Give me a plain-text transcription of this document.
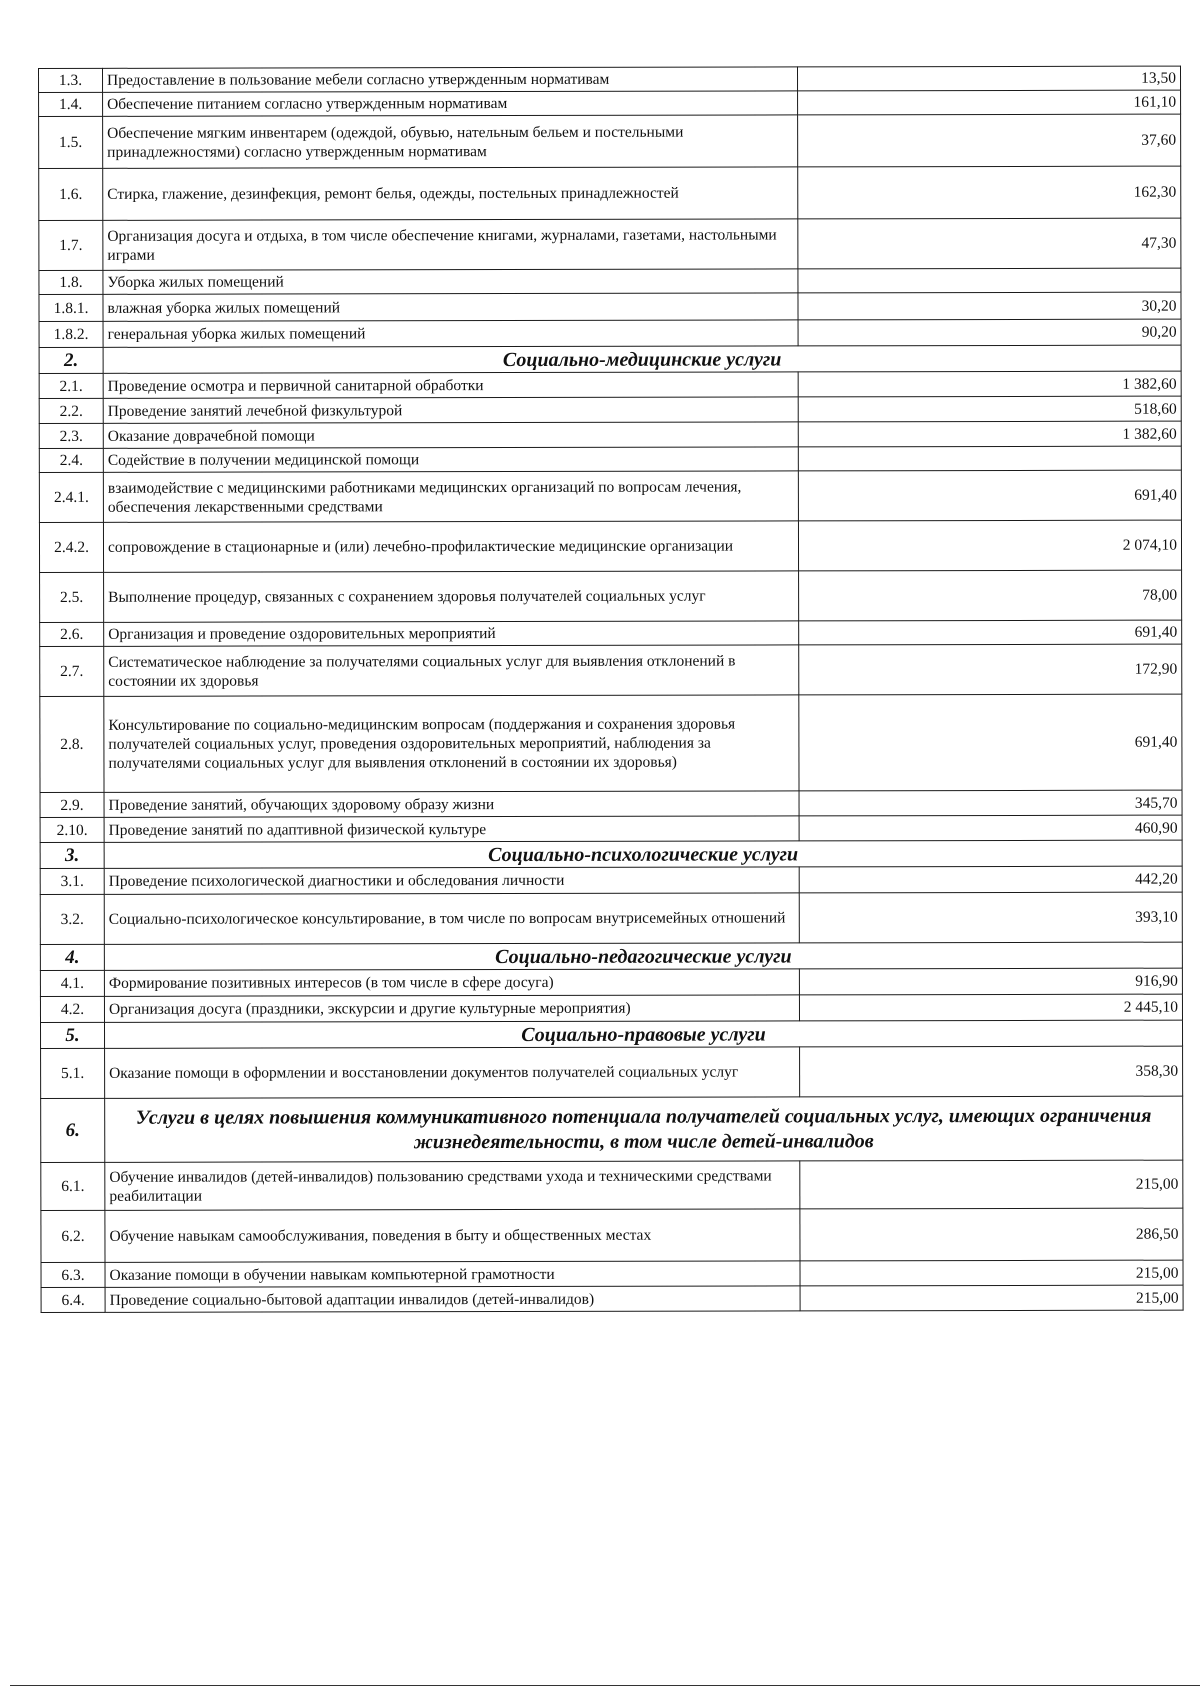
1.3.	Предоставление в пользование мебели согласно утвержденным нормативам	13,50
1.4.	Обеспечение питанием согласно утвержденным нормативам	161,10
1.5.	Обеспечение мягким инвентарем (одеждой, обувью, нательным бельем и постельными принадлежностями) согласно утвержденным нормативам	37,60
1.6.	Стирка, глажение, дезинфекция, ремонт белья, одежды, постельных принадлежностей	162,30
1.7.	Организация досуга и отдыха, в том числе обеспечение книгами, журналами, газетами, настольными играми	47,30
1.8.	Уборка жилых помещений	
1.8.1.	влажная уборка жилых помещений	30,20
1.8.2.	генеральная уборка жилых помещений	90,20
2.	Социально-медицинские услуги	
2.1.	Проведение осмотра и первичной санитарной обработки	1 382,60
2.2.	Проведение занятий лечебной физкультурой	518,60
2.3.	Оказание доврачебной помощи	1 382,60
2.4.	Содействие в получении медицинской помощи	
2.4.1.	взаимодействие с медицинскими работниками медицинских организаций по вопросам лечения, обеспечения лекарственными средствами	691,40
2.4.2.	сопровождение в стационарные и (или) лечебно-профилактические медицинские организации	2 074,10
2.5.	Выполнение процедур, связанных с сохранением здоровья получателей социальных услуг	78,00
2.6.	Организация и проведение оздоровительных мероприятий	691,40
2.7.	Систематическое наблюдение за получателями социальных услуг для выявления отклонений в состоянии их здоровья	172,90
2.8.	Консультирование по социально-медицинским вопросам (поддержания и сохранения здоровья получателей социальных услуг, проведения оздоровительных мероприятий, наблюдения за получателями социальных услуг для выявления отклонений в состоянии их здоровья)	691,40
2.9.	Проведение занятий, обучающих здоровому образу жизни	345,70
2.10.	Проведение занятий по адаптивной физической культуре	460,90
3.	Социально-психологические услуги	
3.1.	Проведение психологической диагностики и обследования личности	442,20
3.2.	Социально-психологическое консультирование, в том числе по вопросам внутрисемейных отношений	393,10
4.	Социально-педагогические услуги	
4.1.	Формирование позитивных интересов (в том числе в сфере досуга)	916,90
4.2.	Организация досуга (праздники, экскурсии и другие культурные мероприятия)	2 445,10
5.	Социально-правовые услуги	
5.1.	Оказание помощи в оформлении и восстановлении документов получателей социальных услуг	358,30
6.	Услуги в целях повышения коммуникативного потенциала получателей социальных услуг, имеющих ограничения жизнедеятельности, в том числе детей-инвалидов	
6.1.	Обучение инвалидов (детей-инвалидов) пользованию средствами ухода и техническими средствами реабилитации	215,00
6.2.	Обучение навыкам самообслуживания, поведения в быту и общественных местах	286,50
6.3.	Оказание помощи в обучении навыкам компьютерной грамотности	215,00
6.4.	Проведение социально-бытовой адаптации инвалидов (детей-инвалидов)	215,00
